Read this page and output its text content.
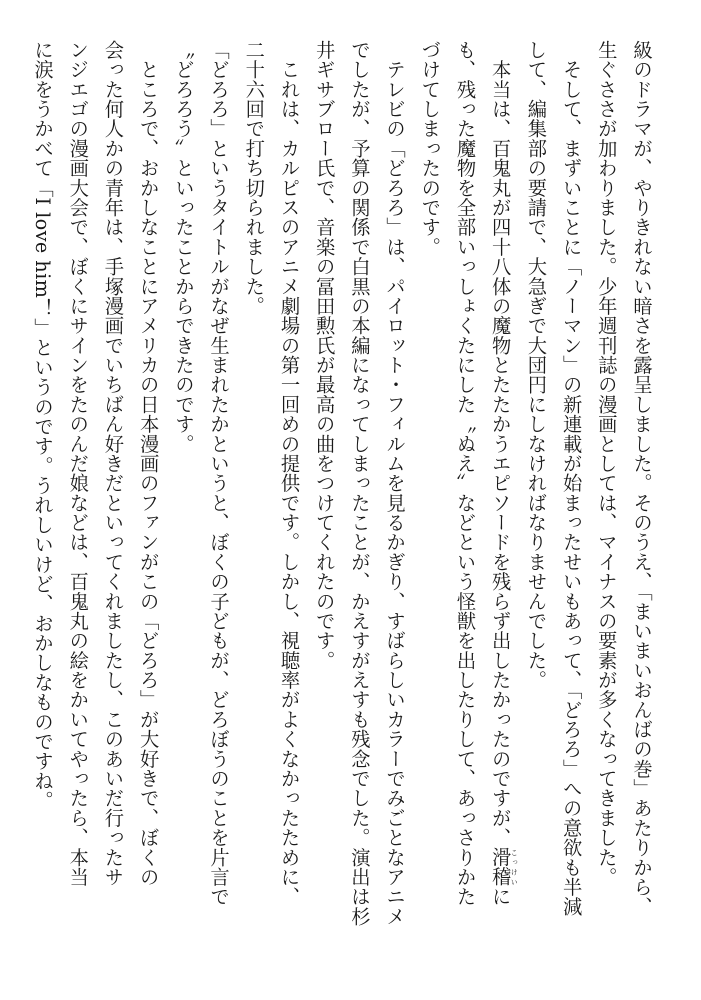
級のドラマが、やりきれない暗さを露呈しました。そのうえ、「まいまいおんばの巻」あたりから、
生ぐささが加わりました。少年週刊誌の漫画としては、マイナスの要素が多くなってきました。
　そして、まずいことに「ノーマン」の新連載が始まったせいもあって、「どろろ」への意欲も半減
して、編集部の要請で、大急ぎで大団円にしなければなりませんでした。
　本当は、百鬼丸が四十八体の魔物とたたかうエピソードを残らず出したかったのですが、滑稽こっけいに
も、残った魔物を全部いっしょくたにした〝ぬえ〟などという怪獣を出したりして、あっさりかた
づけてしまったのです。
　テレビの「どろろ」は、パイロット・フィルムを見るかぎり、すばらしいカラーでみごとなアニメ
でしたが、予算の関係で白黒の本編になってしまったことが、かえすがえすも残念でした。演出は杉
井ギサブロー氏で、音楽の冨田勲氏が最高の曲をつけてくれたのです。
　これは、カルピスのアニメ劇場の第一回めの提供です。しかし、視聴率がよくなかったために、
二十六回で打ち切られました。
「どろろ」というタイトルがなぜ生まれたかというと、ぼくの子どもが、どろぼうのことを片言で
〝どろろう〟といったことからできたのです。
　ところで、おかしなことにアメリカの日本漫画のファンがこの「どろろ」が大好きで、ぼくの
会った何人かの青年は、手塚漫画でいちばん好きだといってくれましたし、このあいだ行ったサ
ンジエゴの漫画大会で、ぼくにサインをたのんだ娘などは、百鬼丸の絵をかいてやったら、本当
に涙をうかべて「I love him！」というのです。うれしいけど、おかしなものですね。
